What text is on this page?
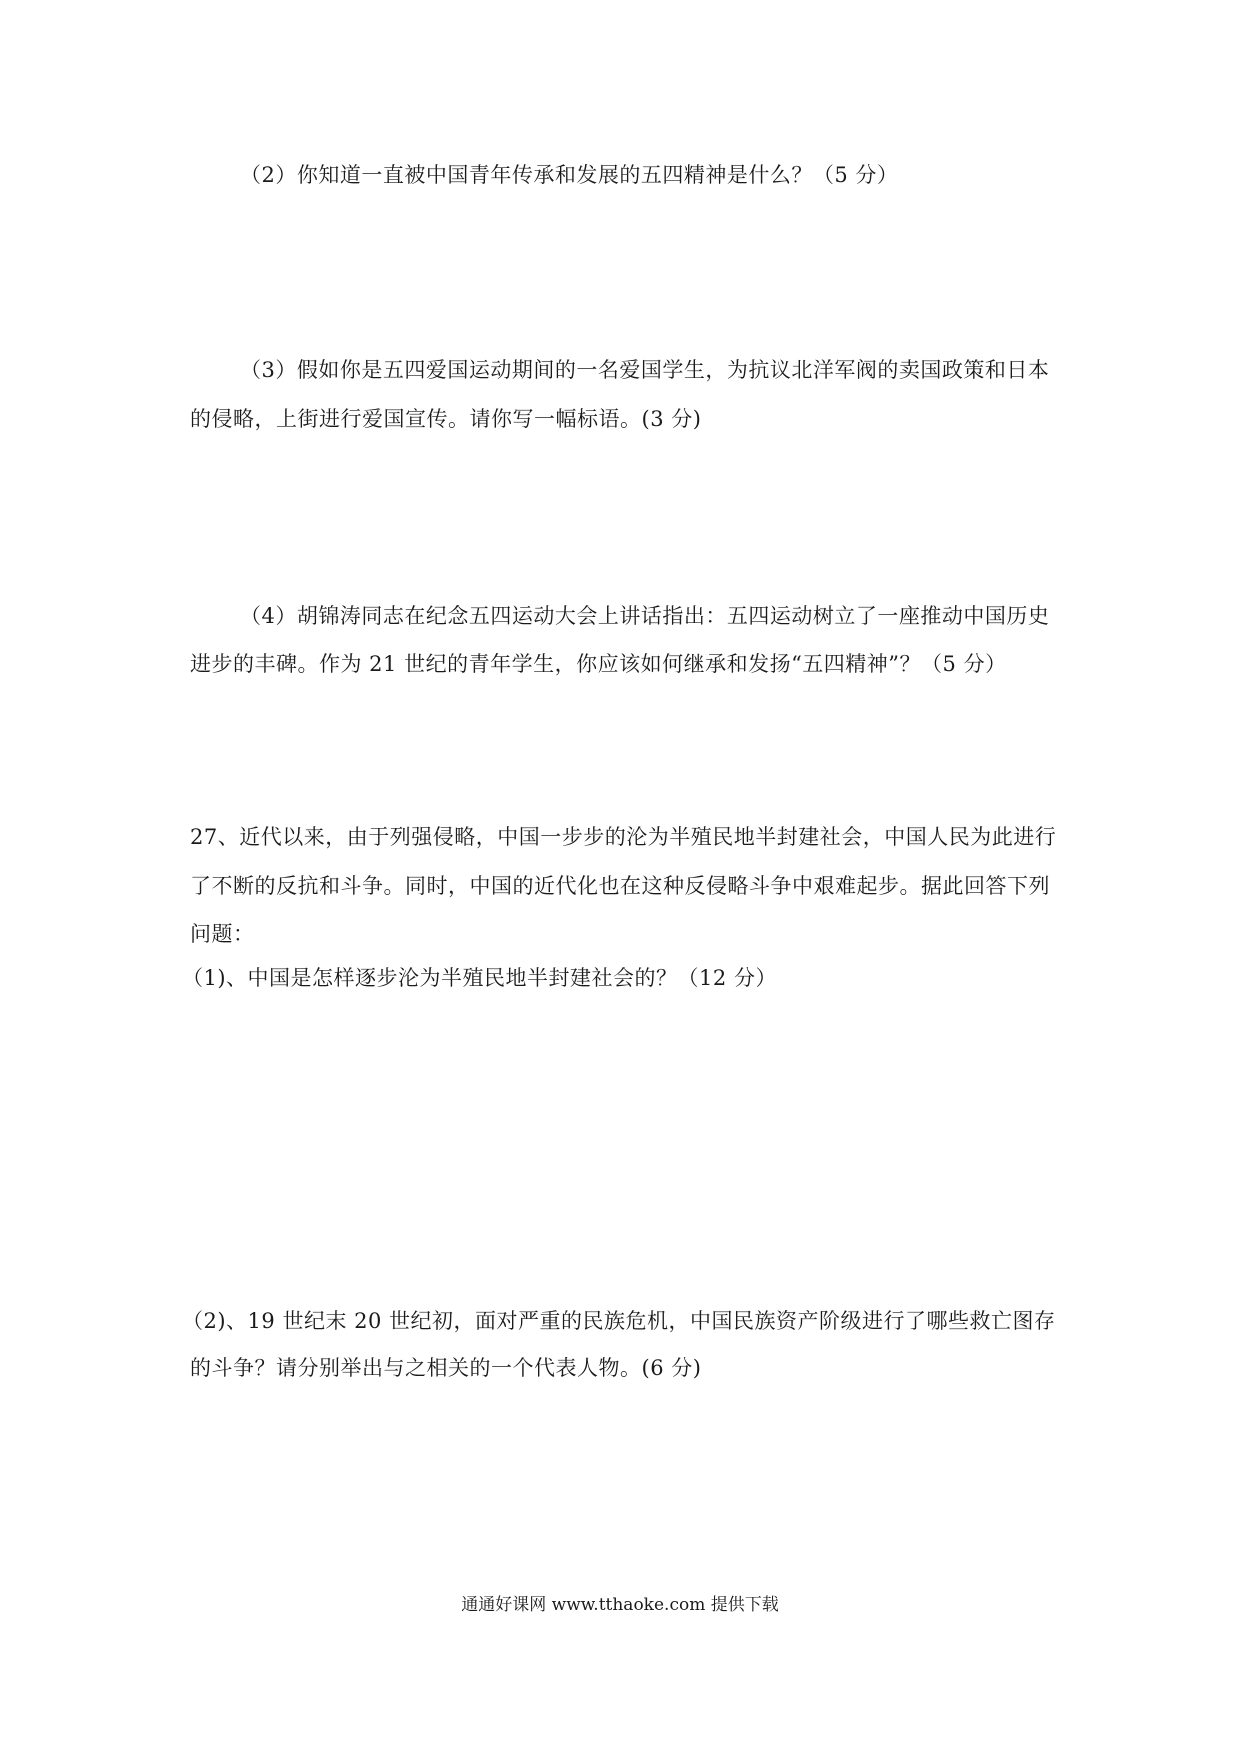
（2）你知道一直被中国青年传承和发展的五四精神是什么？（5 分）
（3）假如你是五四爱国运动期间的一名爱国学生，为抗议北洋军阀的卖国政策和日本
的侵略，上街进行爱国宣传。请你写一幅标语。(3 分)
（4）胡锦涛同志在纪念五四运动大会上讲话指出：五四运动树立了一座推动中国历史
进步的丰碑。作为 21 世纪的青年学生，你应该如何继承和发扬“五四精神”？（5 分）
27、近代以来，由于列强侵略，中国一步步的沦为半殖民地半封建社会，中国人民为此进行
了不断的反抗和斗争。同时，中国的近代化也在这种反侵略斗争中艰难起步。据此回答下列
问题：
（1)、中国是怎样逐步沦为半殖民地半封建社会的？（12 分）
（2)、19 世纪末 20 世纪初，面对严重的民族危机，中国民族资产阶级进行了哪些救亡图存
的斗争？请分别举出与之相关的一个代表人物。(6 分)
通通好课网 www.tthaoke.com 提供下载
